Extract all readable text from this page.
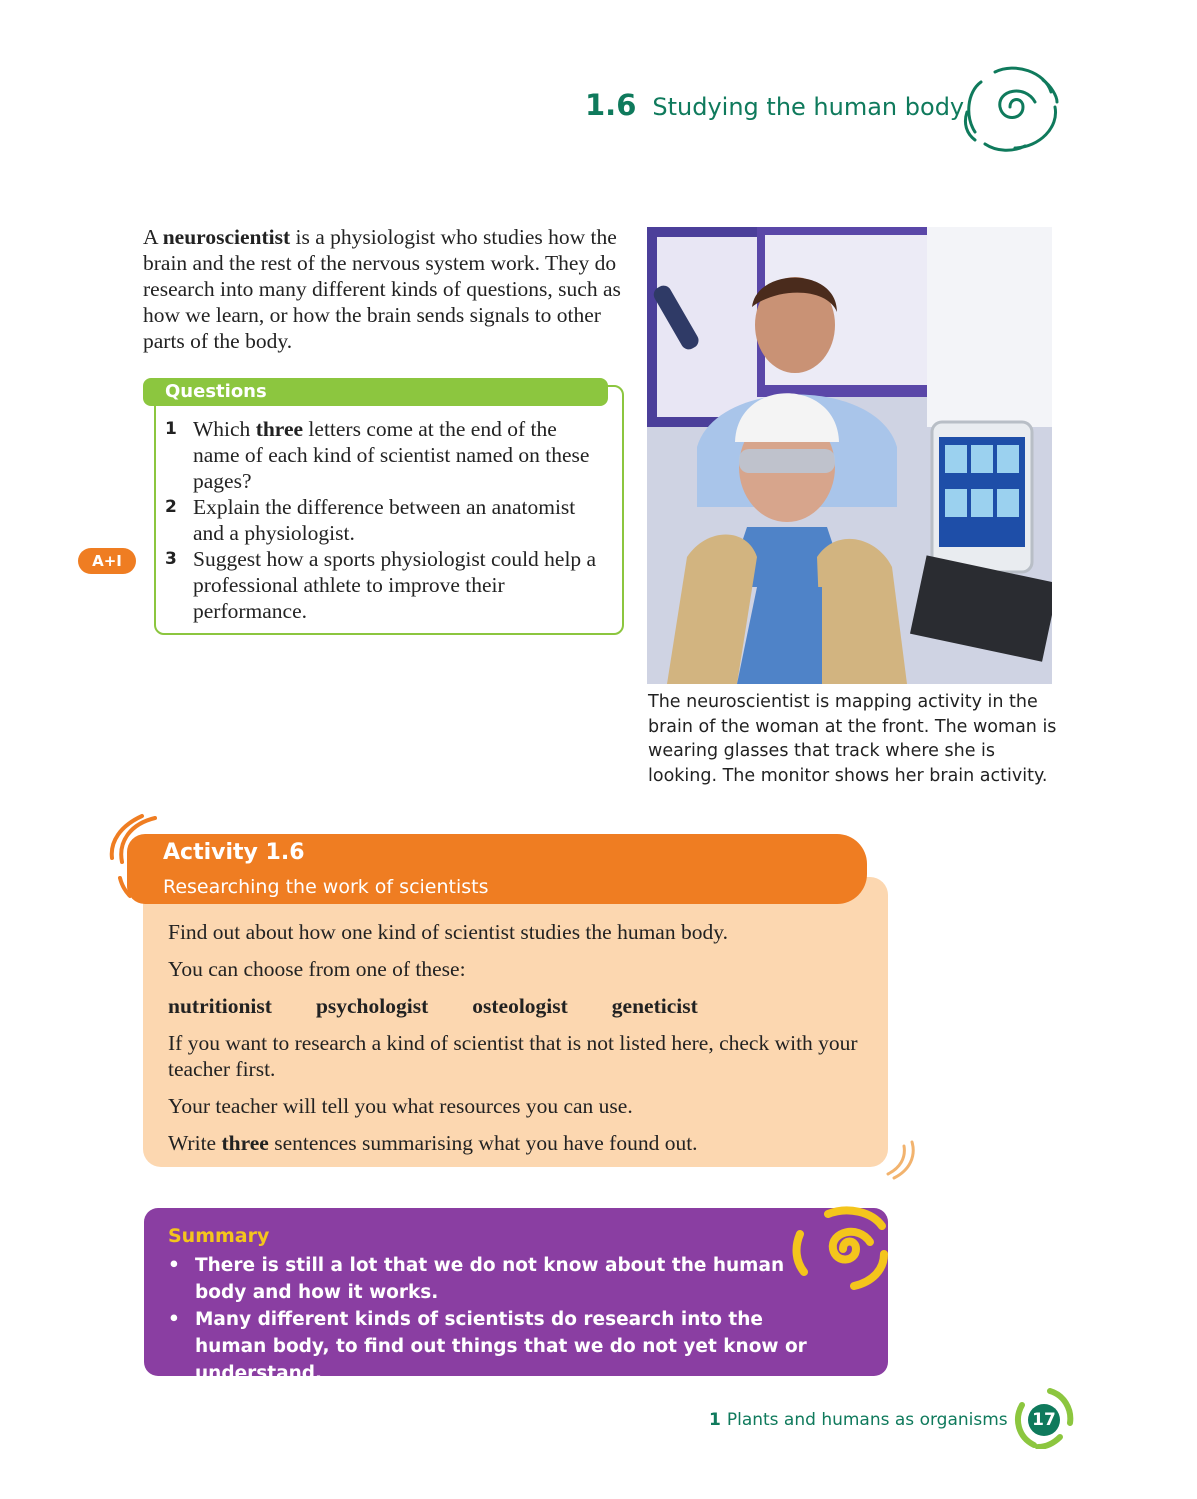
1.6 Studying the human body
A neuroscientist is a physiologist who studies how the brain and the rest of the nervous system work. They do research into many different kinds of questions, such as how we learn, or how the brain sends signals to other parts of the body.
Questions
A+I
1 Which three letters come at the end of the name of each kind of scientist named on these pages?
2 Explain the difference between an anatomist and a physiologist.
3 Suggest how a sports physiologist could help a professional athlete to improve their performance.
The neuroscientist is mapping activity in the brain of the woman at the front. The woman is wearing glasses that track where she is looking. The monitor shows her brain activity.
Activity 1.6
Researching the work of scientists

Find out about how one kind of scientist studies the human body.

You can choose from one of these:

nutritionist psychologist osteologist geneticist

If you want to research a kind of scientist that is not listed here, check with your teacher first.

Your teacher will tell you what resources you can use.

Write three sentences summarising what you have found out.

Summary
• There is still a lot that we do not know about the human body and how it works.
• Many different kinds of scientists do research into the human body, to find out things that we do not yet know or understand.
1 Plants and humans as organisms 17
